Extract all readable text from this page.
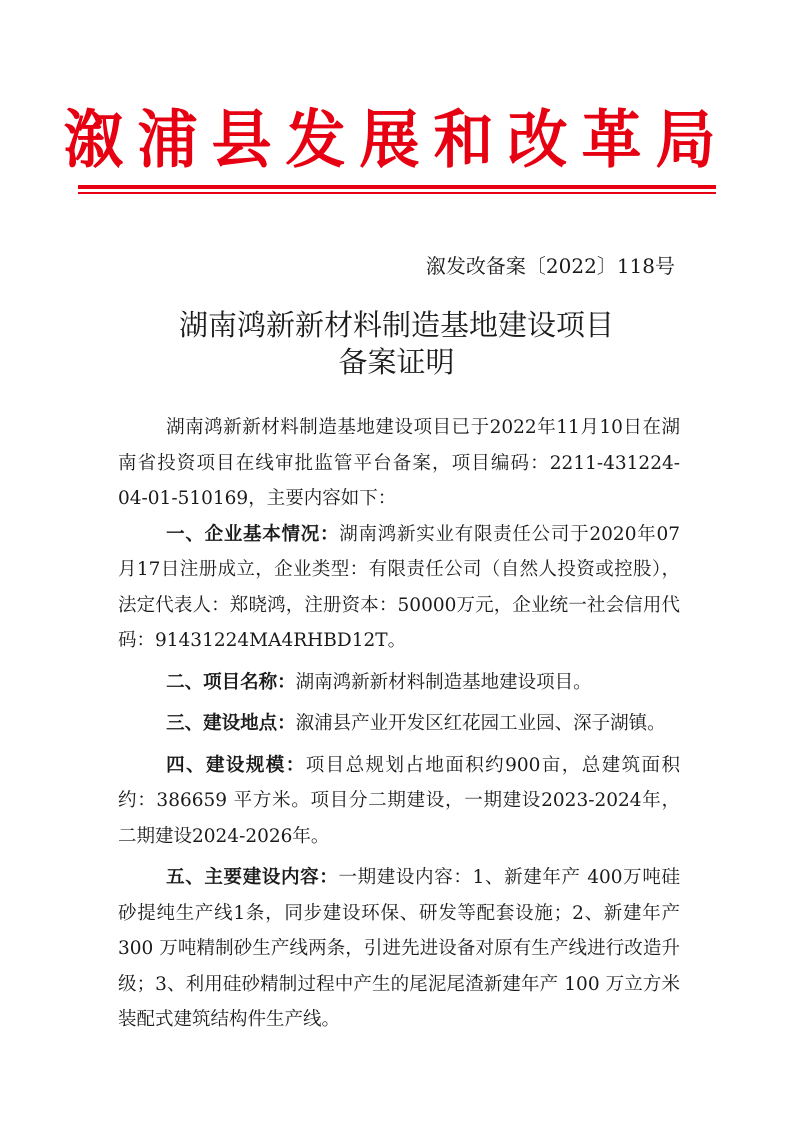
溆浦县发展和改革局
溆发改备案〔2022〕118号
湖南鸿新新材料制造基地建设项目
备案证明

湖南鸿新新材料制造基地建设项目已于2022年11月10日在湖南省投资项目在线审批监管平台备案，项目编码：2211-431224-04-01-510169，主要内容如下：

一、企业基本情况：湖南鸿新实业有限责任公司于2020年07月17日注册成立，企业类型：有限责任公司（自然人投资或控股），法定代表人：郑晓鸿，注册资本：50000万元，企业统一社会信用代码：91431224MA4RHBD12T。

二、项目名称：湖南鸿新新材料制造基地建设项目。

三、建设地点：溆浦县产业开发区红花园工业园、深子湖镇。

四、建设规模：项目总规划占地面积约900亩，总建筑面积约：386659 平方米。项目分二期建设，一期建设2023-2024年，二期建设2024-2026年。

五、主要建设内容：一期建设内容：1、新建年产 400万吨硅砂提纯生产线1条，同步建设环保、研发等配套设施；2、新建年产 300 万吨精制砂生产线两条，引进先进设备对原有生产线进行改造升级；3、利用硅砂精制过程中产生的尾泥尾渣新建年产 100 万立方米装配式建筑结构件生产线。
